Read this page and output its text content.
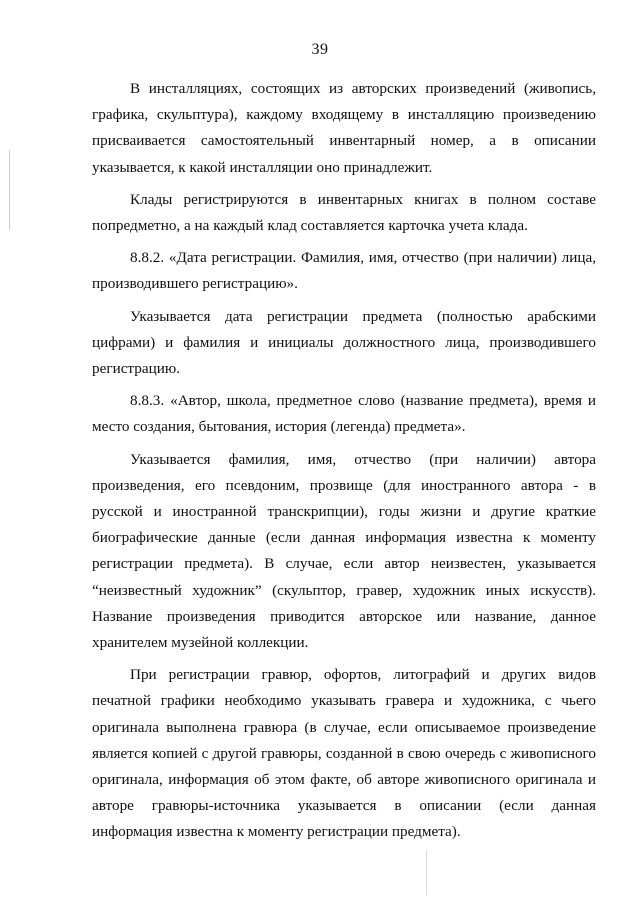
39

В инсталляциях, состоящих из авторских произведений (живопись, графика, скульптура), каждому входящему в инсталляцию произведению присваивается самостоятельный инвентарный номер, а в описании указывается, к какой инсталляции оно принадлежит.

Клады регистрируются в инвентарных книгах в полном составе попредметно, а на каждый клад составляется карточка учета клада.

8.8.2. «Дата регистрации. Фамилия, имя, отчество (при наличии) лица, производившего регистрацию».

Указывается дата регистрации предмета (полностью арабскими цифрами) и фамилия и инициалы должностного лица, производившего регистрацию.

8.8.3. «Автор, школа, предметное слово (название предмета), время и место создания, бытования, история (легенда) предмета».

Указывается фамилия, имя, отчество (при наличии) автора произведения, его псевдоним, прозвище (для иностранного автора - в русской и иностранной транскрипции), годы жизни и другие краткие биографические данные (если данная информация известна к моменту регистрации предмета). В случае, если автор неизвестен, указывается “неизвестный художник” (скульптор, гравер, художник иных искусств). Название произведения приводится авторское или название, данное хранителем музейной коллекции.

При регистрации гравюр, офортов, литографий и других видов печатной графики необходимо указывать гравера и художника, с чьего оригинала выполнена гравюра (в случае, если описываемое произведение является копией с другой гравюры, созданной в свою очередь с живописного оригинала, информация об этом факте, об авторе живописного оригинала и авторе гравюры-источника указывается в описании (если данная информация известна к моменту регистрации предмета).
